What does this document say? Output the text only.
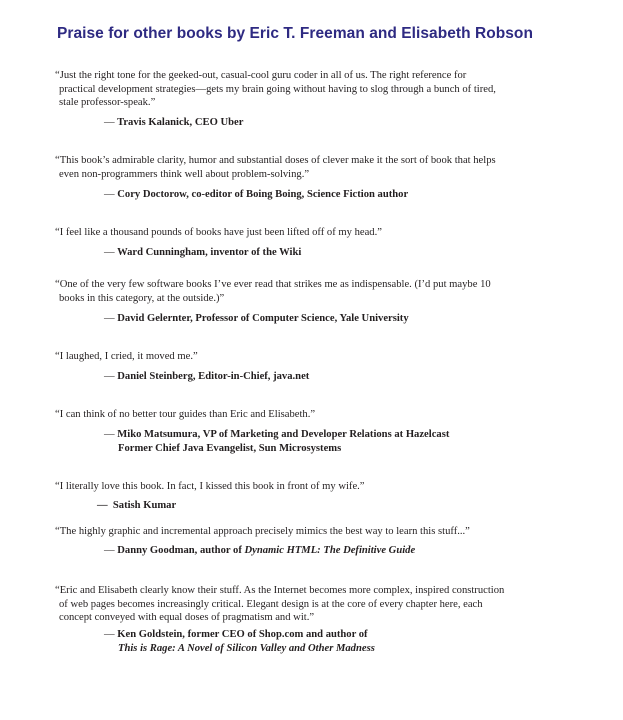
Praise for other books by Eric T. Freeman and Elisabeth Robson
“Just the right tone for the geeked-out, casual-cool guru coder in all of us. The right reference for
practical development strategies—gets my brain going without having to slog through a bunch of tired,
stale professor-speak.”
— Travis Kalanick, CEO Uber
“This book’s admirable clarity, humor and substantial doses of clever make it the sort of book that helps
even non-programmers think well about problem-solving.”
— Cory Doctorow, co-editor of Boing Boing, Science Fiction author
“I feel like a thousand pounds of books have just been lifted off of my head.”
— Ward Cunningham, inventor of the Wiki
“One of the very few software books I’ve ever read that strikes me as indispensable. (I’d put maybe 10
books in this category, at the outside.)”
— David Gelernter, Professor of Computer Science, Yale University
“I laughed, I cried, it moved me.”
— Daniel Steinberg, Editor-in-Chief, java.net
“I can think of no better tour guides than Eric and Elisabeth.”
— Miko Matsumura, VP of Marketing and Developer Relations at Hazelcast
Former Chief Java Evangelist, Sun Microsystems
“I literally love this book. In fact, I kissed this book in front of my wife.”
— Satish Kumar
“The highly graphic and incremental approach precisely mimics the best way to learn this stuff...”
— Danny Goodman, author of Dynamic HTML: The Definitive Guide
“Eric and Elisabeth clearly know their stuff. As the Internet becomes more complex, inspired construction
of web pages becomes increasingly critical. Elegant design is at the core of every chapter here, each
concept conveyed with equal doses of pragmatism and wit.”
— Ken Goldstein, former CEO of Shop.com and author of
This is Rage: A Novel of Silicon Valley and Other Madness
